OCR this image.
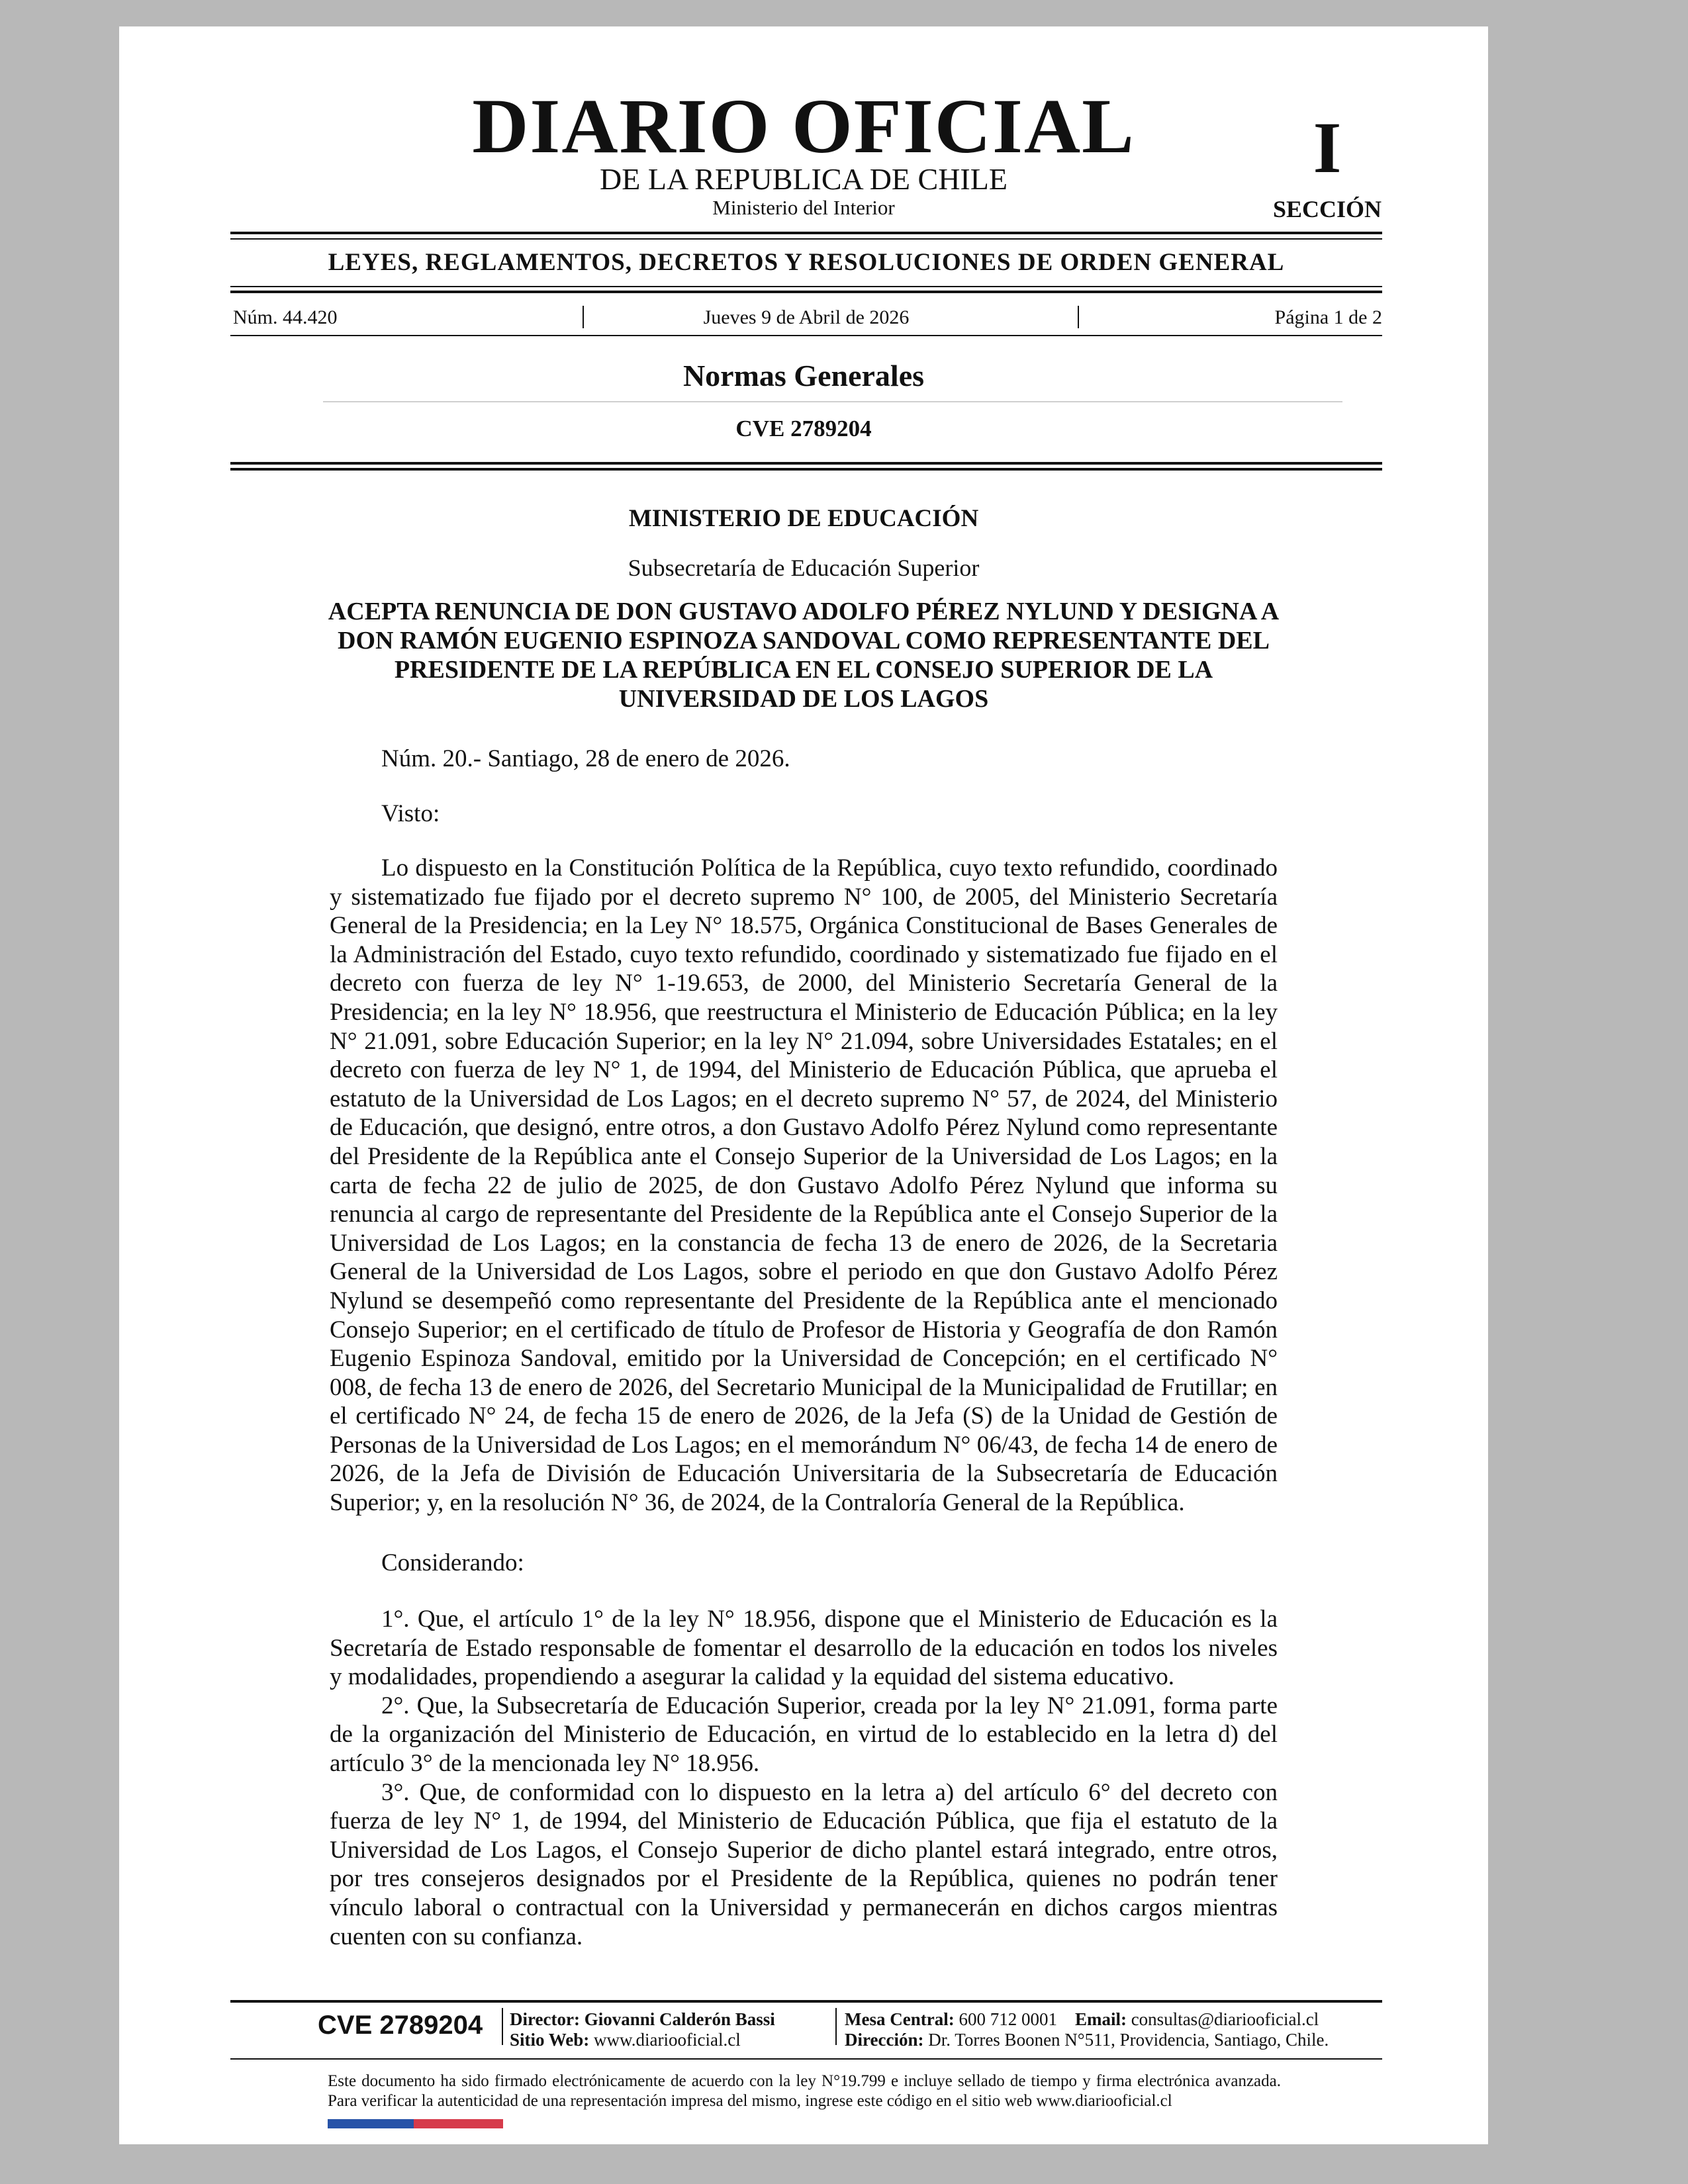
DIARIO OFICIAL
DE LA REPUBLICA DE CHILE
Ministerio del Interior
I
SECCIÓN
LEYES, REGLAMENTOS, DECRETOS Y RESOLUCIONES DE ORDEN GENERAL
Núm. 44.420	Jueves 9 de Abril de 2026	Página 1 de 2
Normas Generales
CVE 2789204
MINISTERIO DE EDUCACIÓN
Subsecretaría de Educación Superior
ACEPTA RENUNCIA DE DON GUSTAVO ADOLFO PÉREZ NYLUND Y DESIGNA A
DON RAMÓN EUGENIO ESPINOZA SANDOVAL COMO REPRESENTANTE DEL
PRESIDENTE DE LA REPÚBLICA EN EL CONSEJO SUPERIOR DE LA
UNIVERSIDAD DE LOS LAGOS

Núm. 20.- Santiago, 28 de enero de 2026.

Visto:

Lo dispuesto en la Constitución Política de la República, cuyo texto refundido, coordinado y sistematizado fue fijado por el decreto supremo N° 100, de 2005, del Ministerio Secretaría General de la Presidencia; en la Ley N° 18.575, Orgánica Constitucional de Bases Generales de la Administración del Estado, cuyo texto refundido, coordinado y sistematizado fue fijado en el decreto con fuerza de ley N° 1-19.653, de 2000, del Ministerio Secretaría General de la Presidencia; en la ley N° 18.956, que reestructura el Ministerio de Educación Pública; en la ley N° 21.091, sobre Educación Superior; en la ley N° 21.094, sobre Universidades Estatales; en el decreto con fuerza de ley N° 1, de 1994, del Ministerio de Educación Pública, que aprueba el estatuto de la Universidad de Los Lagos; en el decreto supremo N° 57, de 2024, del Ministerio de Educación, que designó, entre otros, a don Gustavo Adolfo Pérez Nylund como representante del Presidente de la República ante el Consejo Superior de la Universidad de Los Lagos; en la carta de fecha 22 de julio de 2025, de don Gustavo Adolfo Pérez Nylund que informa su renuncia al cargo de representante del Presidente de la República ante el Consejo Superior de la Universidad de Los Lagos; en la constancia de fecha 13 de enero de 2026, de la Secretaria General de la Universidad de Los Lagos, sobre el periodo en que don Gustavo Adolfo Pérez Nylund se desempeñó como representante del Presidente de la República ante el mencionado Consejo Superior; en el certificado de título de Profesor de Historia y Geografía de don Ramón Eugenio Espinoza Sandoval, emitido por la Universidad de Concepción; en el certificado N° 008, de fecha 13 de enero de 2026, del Secretario Municipal de la Municipalidad de Frutillar; en el certificado N° 24, de fecha 15 de enero de 2026, de la Jefa (S) de la Unidad de Gestión de Personas de la Universidad de Los Lagos; en el memorándum N° 06/43, de fecha 14 de enero de 2026, de la Jefa de División de Educación Universitaria de la Subsecretaría de Educación Superior; y, en la resolución N° 36, de 2024, de la Contraloría General de la República.

Considerando:

1°. Que, el artículo 1° de la ley N° 18.956, dispone que el Ministerio de Educación es la Secretaría de Estado responsable de fomentar el desarrollo de la educación en todos los niveles y modalidades, propendiendo a asegurar la calidad y la equidad del sistema educativo.

2°. Que, la Subsecretaría de Educación Superior, creada por la ley N° 21.091, forma parte de la organización del Ministerio de Educación, en virtud de lo establecido en la letra d) del artículo 3° de la mencionada ley N° 18.956.

3°. Que, de conformidad con lo dispuesto en la letra a) del artículo 6° del decreto con fuerza de ley N° 1, de 1994, del Ministerio de Educación Pública, que fija el estatuto de la Universidad de Los Lagos, el Consejo Superior de dicho plantel estará integrado, entre otros, por tres consejeros designados por el Presidente de la República, quienes no podrán tener vínculo laboral o contractual con la Universidad y permanecerán en dichos cargos mientras cuenten con su confianza.

CVE 2789204 Director: Giovanni Calderón Bassi
Sitio Web: www.diariooficial.cl
Mesa Central: 600 712 0001 Email: consultas@diariooficial.cl
Dirección: Dr. Torres Boonen N°511, Providencia, Santiago, Chile.
Este documento ha sido firmado electrónicamente de acuerdo con la ley N°19.799 e incluye sellado de tiempo y firma electrónica avanzada. Para verificar la autenticidad de una representación impresa del mismo, ingrese este código en el sitio web www.diariooficial.cl
